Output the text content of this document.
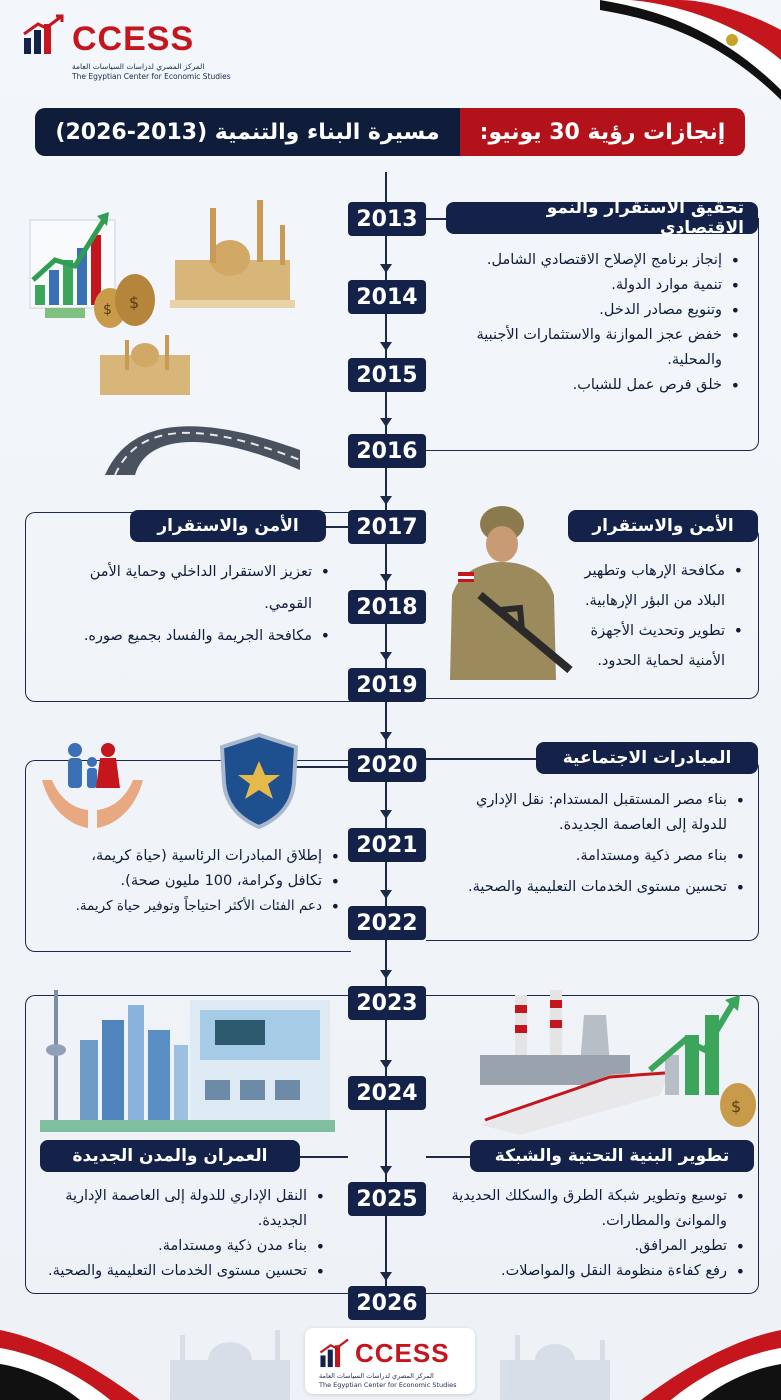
CCESS
المركز المصري لدراسات السياسات العامة
The Egyptian Center for Economic Studies
مسيرة البناء والتنمية (2013-2026)	إنجازات رؤية 30 يونيو:
2013
2014
2015
2016
2017
2018
2019
2020
2021
2022
2023
2024
2025
2026
تحقيق الاستقرار والنمو الاقتصادي
• إنجاز برنامج الإصلاح الاقتصادي الشامل.
• تنمية موارد الدولة.
• وتنويع مصادر الدخل.
• خفض عجز الموازنة والاستثمارات الأجنبية والمحلية.
• خلق فرص عمل للشباب.
$ $
الأمن والاستقرار
• تعزيز الاستقرار الداخلي وحماية الأمن القومي.
• مكافحة الجريمة والفساد بجميع صوره.
الأمن والاستقرار
• مكافحة الإرهاب وتطهير البلاد من البؤر الإرهابية.
• تطوير وتحديث الأجهزة الأمنية لحماية الحدود.
• إطلاق المبادرات الرئاسية (حياة كريمة،
• تكافل وكرامة، 100 مليون صحة).
• دعم الفئات الأكثر احتياجاً وتوفير حياة كريمة.
المبادرات الاجتماعية
• بناء مصر المستقبل المستدام: نقل الإداري للدولة إلى العاصمة الجديدة.
• بناء مصر ذكية ومستدامة.
• تحسين مستوى الخدمات التعليمية والصحية.
$
العمران والمدن الجديدة
• النقل الإداري للدولة إلى العاصمة الإدارية الجديدة.
• بناء مدن ذكية ومستدامة.
• تحسين مستوى الخدمات التعليمية والصحية.
تطوير البنية التحتية والشبكة
• توسيع وتطوير شبكة الطرق والسكلك الحديدية والموانئ والمطارات.
• تطوير المرافق.
• رفع كفاءة منظومة النقل والمواصلات.
CCESS
المركز المصري لدراسات السياسات العامة
The Egyptian Center for Economic Studies
